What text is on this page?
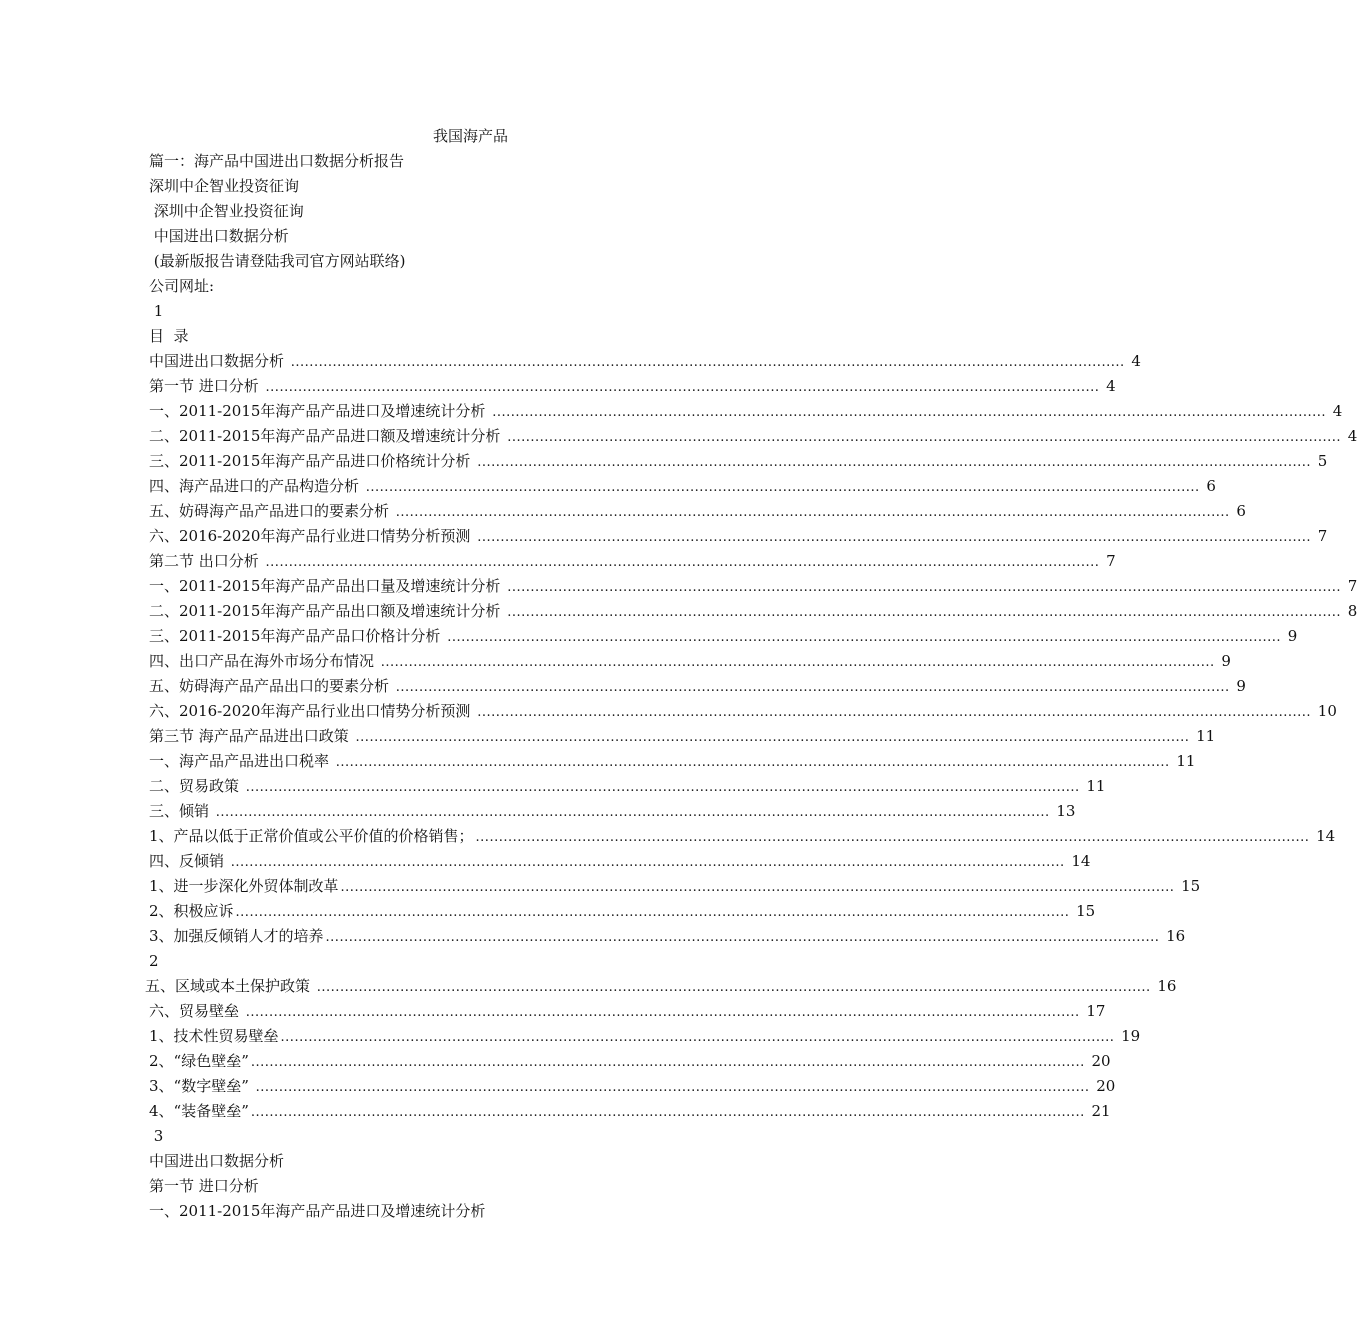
我国海产品
篇一：海产品中国进出口数据分析报告
深圳中企智业投资征询
深圳中企智业投资征询
中国进出口数据分析
(最新版报告请登陆我司官方网站联络)
公司网址:
1
目  录
中国进出口数据分析 .................................................................................................................................................................................... 4
第一节 进口分析 .................................................................................................................................................................................... 4
一、2011-2015年海产品产品进口及增速统计分析 .................................................................................................................................................................................... 4
二、2011-2015年海产品产品进口额及增速统计分析 .................................................................................................................................................................................... 4
三、2011-2015年海产品产品进口价格统计分析 .................................................................................................................................................................................... 5
四、海产品进口的产品构造分析 .................................................................................................................................................................................... 6
五、妨碍海产品产品进口的要素分析 .................................................................................................................................................................................... 6
六、2016-2020年海产品行业进口情势分析预测 .................................................................................................................................................................................... 7
第二节 出口分析 .................................................................................................................................................................................... 7
一、2011-2015年海产品产品出口量及增速统计分析 .................................................................................................................................................................................... 7
二、2011-2015年海产品产品出口额及增速统计分析 .................................................................................................................................................................................... 8
三、2011-2015年海产品产品口价格计分析 .................................................................................................................................................................................... 9
四、出口产品在海外市场分布情况 .................................................................................................................................................................................... 9
五、妨碍海产品产品出口的要素分析 .................................................................................................................................................................................... 9
六、2016-2020年海产品行业出口情势分析预测 .................................................................................................................................................................................... 10
第三节 海产品产品进出口政策 .................................................................................................................................................................................... 11
一、海产品产品进出口税率 .................................................................................................................................................................................... 11
二、贸易政策 .................................................................................................................................................................................... 11
三、倾销 .................................................................................................................................................................................... 13
1、产品以低于正常价值或公平价值的价格销售； .................................................................................................................................................................................... 14
四、反倾销 .................................................................................................................................................................................... 14
1、进一步深化外贸体制改革 .................................................................................................................................................................................... 15
2、积极应诉 .................................................................................................................................................................................... 15
3、加强反倾销人才的培养 .................................................................................................................................................................................... 16
2
五、区域或本土保护政策 .................................................................................................................................................................................... 16
六、贸易壁垒 .................................................................................................................................................................................... 17
1、技术性贸易壁垒 .................................................................................................................................................................................... 19
2、“绿色壁垒” .................................................................................................................................................................................... 20
3、“数字壁垒” .................................................................................................................................................................................... 20
4、“装备壁垒” .................................................................................................................................................................................... 21
3
中国进出口数据分析
第一节 进口分析
一、2011-2015年海产品产品进口及增速统计分析
